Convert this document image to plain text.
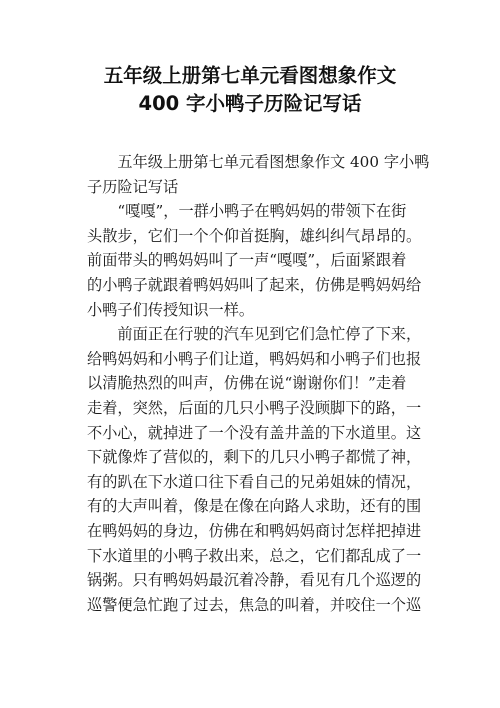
五年级上册第七单元看图想象作文
400 字小鸭子历险记写话
　　五年级上册第七单元看图想象作文 400 字小鸭
子历险记写话
　　“嘎嘎”，一群小鸭子在鸭妈妈的带领下在街
头散步，它们一个个仰首挺胸，雄纠纠气昂昂的。
前面带头的鸭妈妈叫了一声“嘎嘎”，后面紧跟着
的小鸭子就跟着鸭妈妈叫了起来，仿佛是鸭妈妈给
小鸭子们传授知识一样。
　　前面正在行驶的汽车见到它们急忙停了下来，
给鸭妈妈和小鸭子们让道，鸭妈妈和小鸭子们也报
以清脆热烈的叫声，仿佛在说“谢谢你们！”走着
走着，突然，后面的几只小鸭子没顾脚下的路，一
不小心，就掉进了一个没有盖井盖的下水道里。这
下就像炸了营似的，剩下的几只小鸭子都慌了神，
有的趴在下水道口往下看自己的兄弟姐妹的情况，
有的大声叫着，像是在像在向路人求助，还有的围
在鸭妈妈的身边，仿佛在和鸭妈妈商讨怎样把掉进
下水道里的小鸭子救出来，总之，它们都乱成了一
锅粥。只有鸭妈妈最沉着冷静，看见有几个巡逻的
巡警便急忙跑了过去，焦急的叫着，并咬住一个巡
